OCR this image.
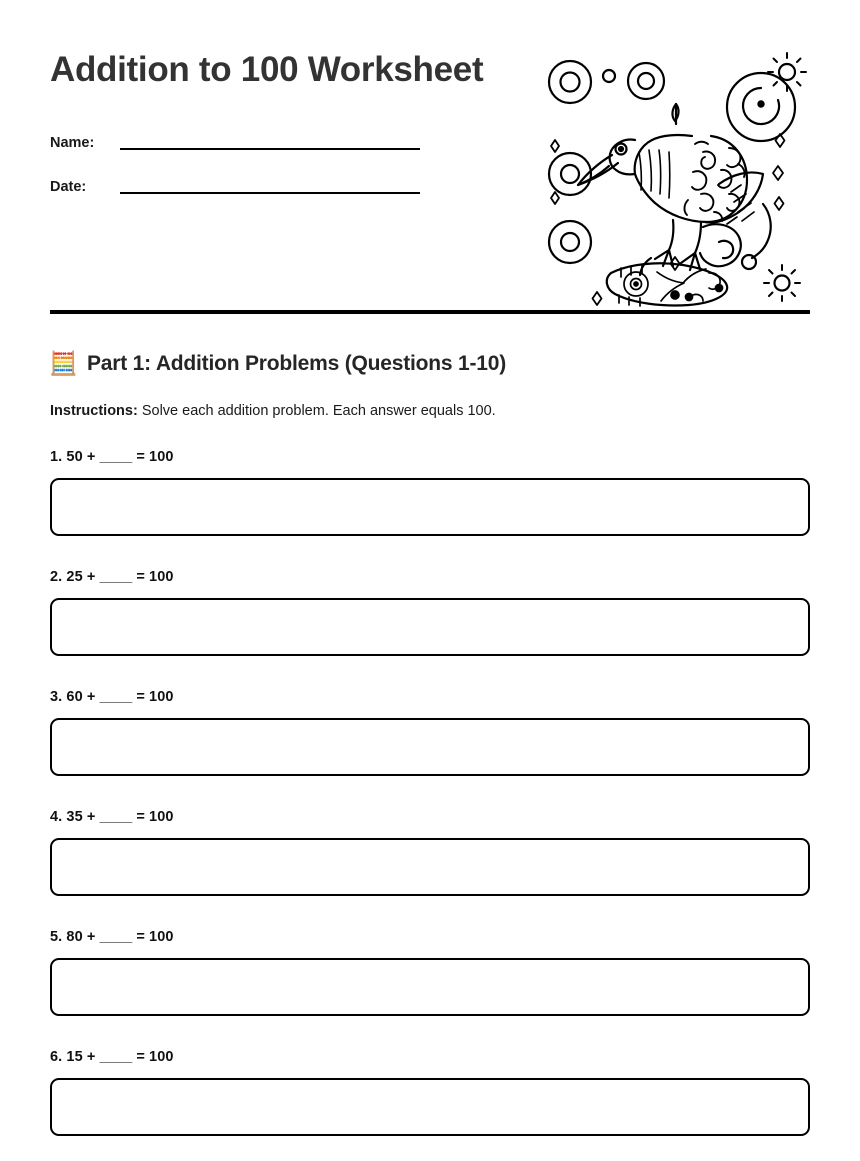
Addition to 100 Worksheet
Name:
Date:
🧮 Part 1: Addition Problems (Questions 1-10)

Instructions: Solve each addition problem. Each answer equals 100.

1. 50 + ____ = 100
2. 25 + ____ = 100
3. 60 + ____ = 100
4. 35 + ____ = 100
5. 80 + ____ = 100
6. 15 + ____ = 100
